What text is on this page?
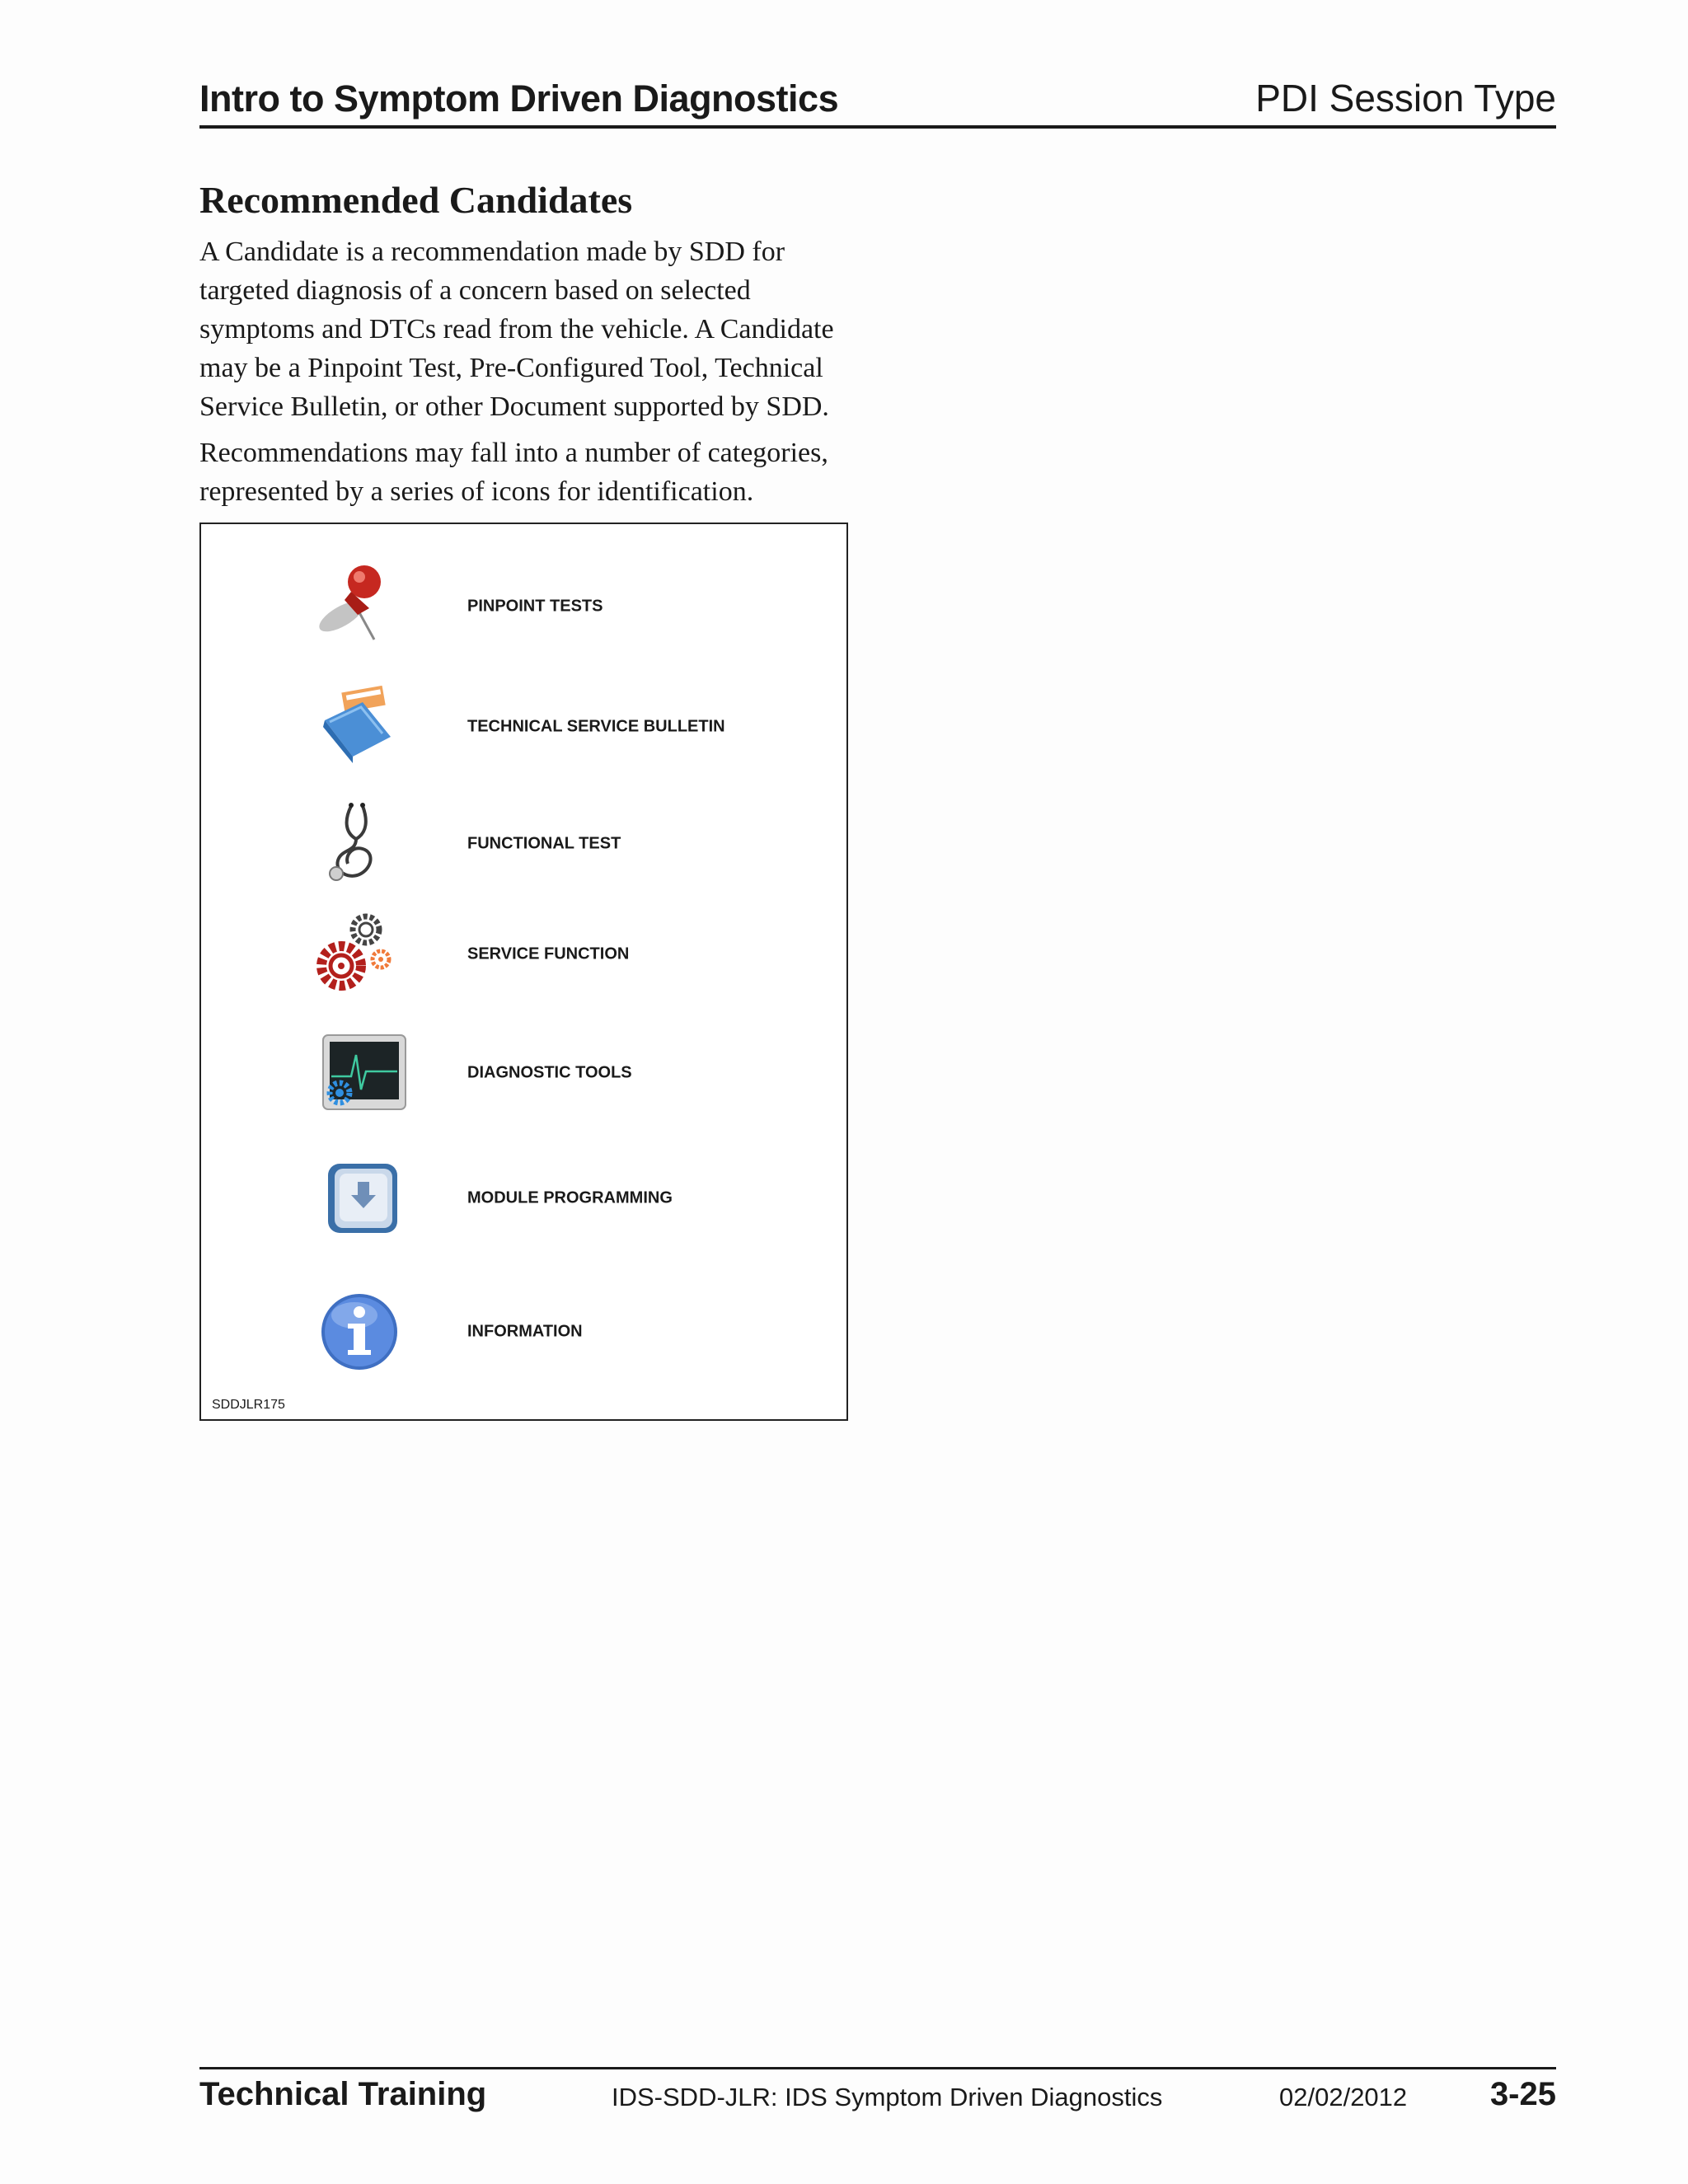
Intro to Symptom Driven Diagnostics	PDI Session Type
Recommended Candidates

A Candidate is a recommendation made by SDD for targeted diagnosis of a concern based on selected symptoms and DTCs read from the vehicle. A Candidate may be a Pinpoint Test, Pre-Configured Tool, Technical Service Bulletin, or other Document supported by SDD.

Recommendations may fall into a number of categories, represented by a series of icons for identification.

PINPOINT TESTS
TECHNICAL SERVICE BULLETIN
FUNCTIONAL TEST
SERVICE FUNCTION
DIAGNOSTIC TOOLS
MODULE PROGRAMMING
INFORMATION
SDDJLR175
Technical Training	IDS-SDD-JLR: IDS Symptom Driven Diagnostics	02/02/2012	3-25
